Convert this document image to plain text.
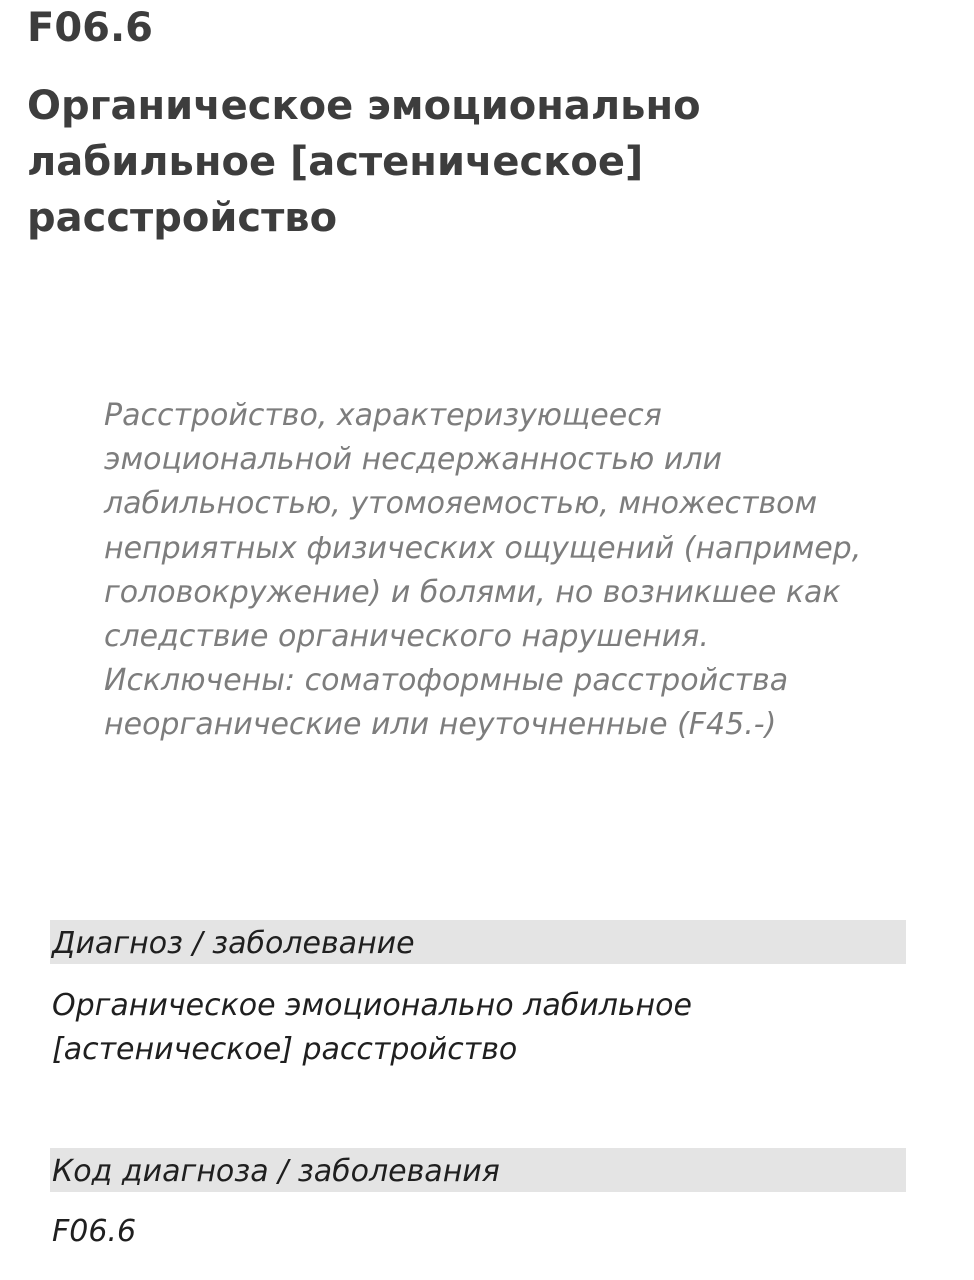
F06.6
Органическое эмоционально лабильное [астеническое] расстройство

Расстройство, характеризующееся эмоциональной несдержанностью или лабильностью, утомояемостью, множеством неприятных физических ощущений (например, головокружение) и болями, но возникшее как следствие органического нарушения. Исключены: соматоформные расстройства неорганические или неуточненные (F45.-)

Диагноз / заболевание

Органическое эмоционально лабильное [астеническое] расстройство

Код диагноза / заболевания

F06.6
